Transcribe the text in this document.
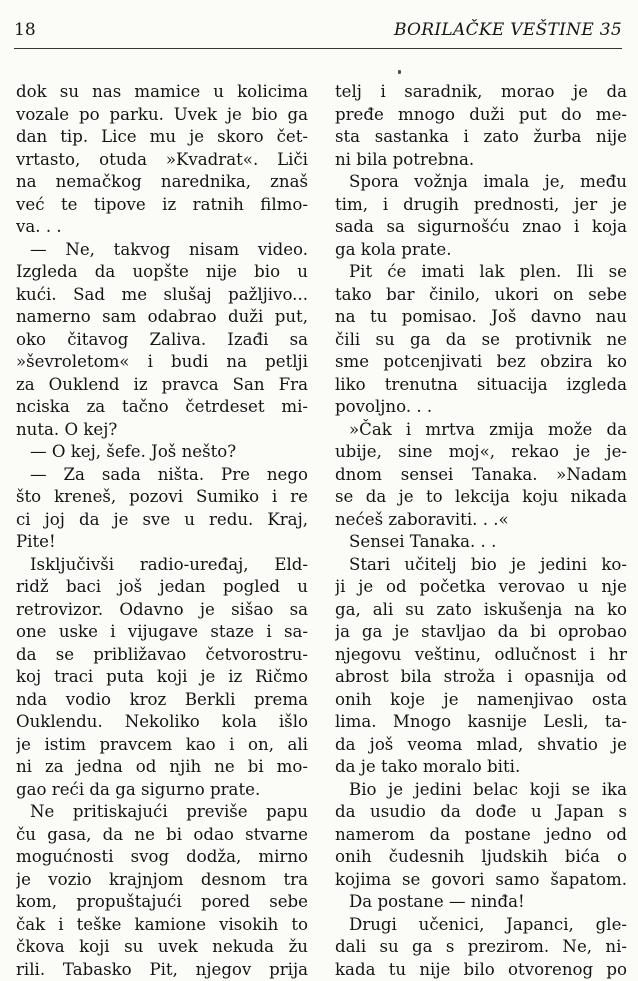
18	BORILAČKE VEŠTINE 35
dok su nas mamice u kolicima
vozale po parku. Uvek je bio ga
dan tip. Lice mu je skoro čet-
vrtasto, otuda »Kvadrat«. Liči
na nemačkog narednika, znaš
već te tipove iz ratnih filmo-
va. . .
— Ne, takvog nisam video.
Izgleda da uopšte nije bio u
kući. Sad me slušaj pažljivo...
namerno sam odabrao duži put,
oko čitavog Zaliva. Izađi sa
»ševroletom« i budi na petlji
za Ouklend iz pravca San Fra
nciska za tačno četrdeset mi-
nuta. O kej?
— O kej, šefe. Još nešto?
— Za sada ništa. Pre nego
što kreneš, pozovi Sumiko i re
ci joj da je sve u redu. Kraj,
Pite!
Isključivši radio-uređaj, Eld-
ridž baci još jedan pogled u
retrovizor. Odavno je sišao sa
one uske i vijugave staze i sa-
da se približavao četvorostru-
koj traci puta koji je iz Ričmo
nda vodio kroz Berkli prema
Ouklendu. Nekoliko kola išlo
je istim pravcem kao i on, ali
ni za jedna od njih ne bi mo-
gao reći da ga sigurno prate.
Ne pritiskajući previše papu
ču gasa, da ne bi odao stvarne
mogućnosti svog dodža, mirno
je vozio krajnjom desnom tra
kom, propuštajući pored sebe
čak i teške kamione visokih to
čkova koji su uvek nekuda žu
rili. Tabasko Pit, njegov prija
telj i saradnik, morao je da
pređe mnogo duži put do me-
sta sastanka i zato žurba nije
ni bila potrebna.
Spora vožnja imala je, među
tim, i drugih prednosti, jer je
sada sa sigurnošću znao i koja
ga kola prate.
Pit će imati lak plen. Ili se
tako bar činilo, ukori on sebe
na tu pomisao. Još davno nau
čili su ga da se protivnik ne
sme potcenjivati bez obzira ko
liko trenutna situacija izgleda
povoljno. . .
»Čak i mrtva zmija može da
ubije, sine moj«, rekao je je-
dnom sensei Tanaka. »Nadam
se da je to lekcija koju nikada
nećeš zaboraviti. . .«
Sensei Tanaka. . .
Stari učitelj bio je jedini ko-
ji je od početka verovao u nje
ga, ali su zato iskušenja na ko
ja ga je stavljao da bi oprobao
njegovu veštinu, odlučnost i hr
abrost bila stroža i opasnija od
onih koje je namenjivao osta
lima. Mnogo kasnije Lesli, ta-
da još veoma mlad, shvatio je
da je tako moralo biti.
Bio je jedini belac koji se ika
da usudio da dođe u Japan s
namerom da postane jedno od
onih čudesnih ljudskih bića o
kojima se govori samo šapatom.
Da postane — ninđa!
Drugi učenici, Japanci, gle-
dali su ga s prezirom. Ne, ni-
kada tu nije bilo otvorenog po
